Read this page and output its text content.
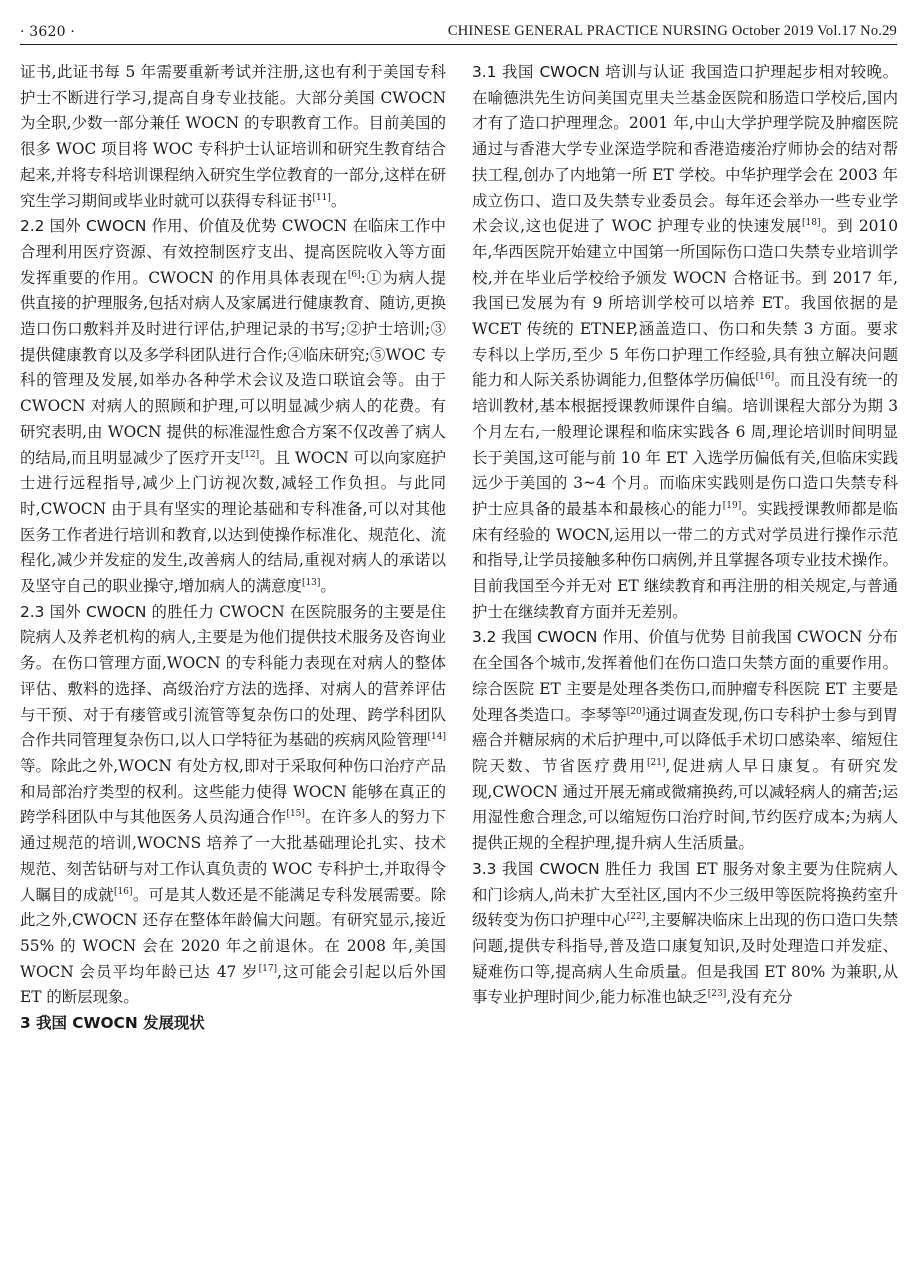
· 3620 ·	CHINESE GENERAL PRACTICE NURSING October 2019 Vol.17 No.29

证书,此证书每 5 年需要重新考试并注册,这也有利于美国专科护士不断进行学习,提高自身专业技能。大部分美国 CWOCN 为全职,少数一部分兼任 WOCN 的专职教育工作。目前美国的很多 WOC 项目将 WOC 专科护士认证培训和研究生教育结合起来,并将专科培训课程纳入研究生学位教育的一部分,这样在研究生学习期间或毕业时就可以获得专科证书[11]。

2.2 国外 CWOCN 作用、价值及优势 CWOCN 在临床工作中合理利用医疗资源、有效控制医疗支出、提高医院收入等方面发挥重要的作用。CWOCN 的作用具体表现在[6]:①为病人提供直接的护理服务,包括对病人及家属进行健康教育、随访,更换造口伤口敷料并及时进行评估,护理记录的书写;②护士培训;③提供健康教育以及多学科团队进行合作;④临床研究;⑤WOC 专科的管理及发展,如举办各种学术会议及造口联谊会等。由于 CWOCN 对病人的照顾和护理,可以明显减少病人的花费。有研究表明,由 WOCN 提供的标准湿性愈合方案不仅改善了病人的结局,而且明显减少了医疗开支[12]。且 WOCN 可以向家庭护士进行远程指导,减少上门访视次数,减轻工作负担。与此同时,CWOCN 由于具有坚实的理论基础和专科准备,可以对其他医务工作者进行培训和教育,以达到使操作标准化、规范化、流程化,减少并发症的发生,改善病人的结局,重视对病人的承诺以及坚守自己的职业操守,增加病人的满意度[13]。

2.3 国外 CWOCN 的胜任力 CWOCN 在医院服务的主要是住院病人及养老机构的病人,主要是为他们提供技术服务及咨询业务。在伤口管理方面,WOCN 的专科能力表现在对病人的整体评估、敷料的选择、高级治疗方法的选择、对病人的营养评估与干预、对于有瘘管或引流管等复杂伤口的处理、跨学科团队合作共同管理复杂伤口,以人口学特征为基础的疾病风险管理[14]等。除此之外,WOCN 有处方权,即对于采取何种伤口治疗产品和局部治疗类型的权利。这些能力使得 WOCN 能够在真正的跨学科团队中与其他医务人员沟通合作[15]。在许多人的努力下通过规范的培训,WOCNS 培养了一大批基础理论扎实、技术规范、刻苦钻研与对工作认真负责的 WOC 专科护士,并取得令人瞩目的成就[16]。可是其人数还是不能满足专科发展需要。除此之外,CWOCN 还存在整体年龄偏大问题。有研究显示,接近 55% 的 WOCN 会在 2020 年之前退休。在 2008 年,美国 WOCN 会员平均年龄已达 47 岁[17],这可能会引起以后外国 ET 的断层现象。

3 我国 CWOCN 发展现状

3.1 我国 CWOCN 培训与认证 我国造口护理起步相对较晚。在喻德洪先生访问美国克里夫兰基金医院和肠造口学校后,国内才有了造口护理理念。2001 年,中山大学护理学院及肿瘤医院通过与香港大学专业深造学院和香港造瘘治疗师协会的结对帮扶工程,创办了内地第一所 ET 学校。中华护理学会在 2003 年成立伤口、造口及失禁专业委员会。每年还会举办一些专业学术会议,这也促进了 WOC 护理专业的快速发展[18]。到 2010 年,华西医院开始建立中国第一所国际伤口造口失禁专业培训学校,并在毕业后学校给予颁发 WOCN 合格证书。到 2017 年,我国已发展为有 9 所培训学校可以培养 ET。我国依据的是 WCET 传统的 ETNEP,涵盖造口、伤口和失禁 3 方面。要求专科以上学历,至少 5 年伤口护理工作经验,具有独立解决问题能力和人际关系协调能力,但整体学历偏低[16]。而且没有统一的培训教材,基本根据授课教师课件自编。培训课程大部分为期 3 个月左右,一般理论课程和临床实践各 6 周,理论培训时间明显长于美国,这可能与前 10 年 ET 入选学历偏低有关,但临床实践远少于美国的 3~4 个月。而临床实践则是伤口造口失禁专科护士应具备的最基本和最核心的能力[19]。实践授课教师都是临床有经验的 WOCN,运用以一带二的方式对学员进行操作示范和指导,让学员接触多种伤口病例,并且掌握各项专业技术操作。目前我国至今并无对 ET 继续教育和再注册的相关规定,与普通护士在继续教育方面并无差别。

3.2 我国 CWOCN 作用、价值与优势 目前我国 CWOCN 分布在全国各个城市,发挥着他们在伤口造口失禁方面的重要作用。综合医院 ET 主要是处理各类伤口,而肿瘤专科医院 ET 主要是处理各类造口。李琴等[20]通过调查发现,伤口专科护士参与到胃癌合并糖尿病的术后护理中,可以降低手术切口感染率、缩短住院天数、节省医疗费用[21],促进病人早日康复。有研究发现,CWOCN 通过开展无痛或微痛换药,可以减轻病人的痛苦;运用湿性愈合理念,可以缩短伤口治疗时间,节约医疗成本;为病人提供正规的全程护理,提升病人生活质量。

3.3 我国 CWOCN 胜任力 我国 ET 服务对象主要为住院病人和门诊病人,尚未扩大至社区,国内不少三级甲等医院将换药室升级转变为伤口护理中心[22],主要解决临床上出现的伤口造口失禁问题,提供专科指导,普及造口康复知识,及时处理造口并发症、疑难伤口等,提高病人生命质量。但是我国 ET 80% 为兼职,从事专业护理时间少,能力标准也缺乏[23],没有充分
